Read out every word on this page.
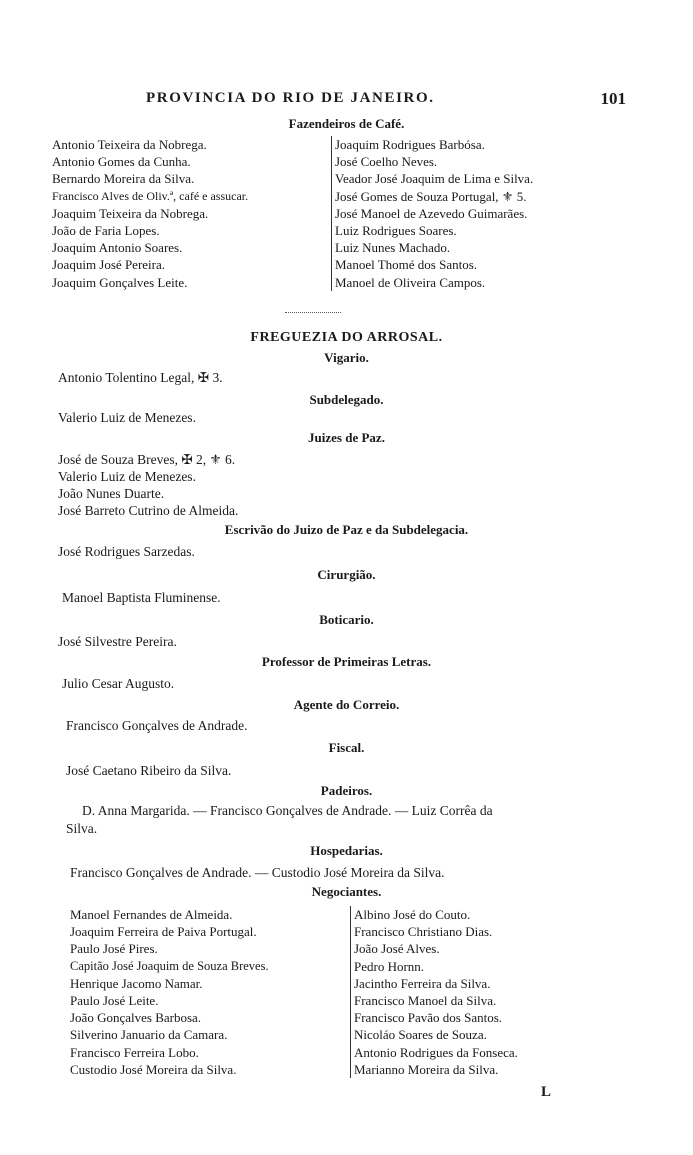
PROVINCIA DO RIO DE JANEIRO.	101
Fazendeiros de Café.
Antonio Teixeira da Nobrega.
Antonio Gomes da Cunha.
Bernardo Moreira da Silva.
Francisco Alves de Oliv.ª, café e assucar.
Joaquim Teixeira da Nobrega.
João de Faria Lopes.
Joaquim Antonio Soares.
Joaquim José Pereira.
Joaquim Gonçalves Leite.
Joaquim Rodrigues Barbósa.
José Coelho Neves.
Veador José Joaquim de Lima e Silva.
José Gomes de Souza Portugal, ⚜ 5.
José Manoel de Azevedo Guimarães.
Luiz Rodrigues Soares.
Luiz Nunes Machado.
Manoel Thomé dos Santos.
Manoel de Oliveira Campos.
FREGUEZIA DO ARROSAL.
Vigario.
Antonio Tolentino Legal, ✠ 3.
Subdelegado.
Valerio Luiz de Menezes.
Juizes de Paz.
José de Souza Breves, ✠ 2, ⚜ 6.
Valerio Luiz de Menezes.
João Nunes Duarte.
José Barreto Cutrino de Almeida.
Escrivão do Juizo de Paz e da Subdelegacia.
José Rodrigues Sarzedas.
Cirurgião.
Manoel Baptista Fluminense.
Boticario.
José Silvestre Pereira.
Professor de Primeiras Letras.
Julio Cesar Augusto.
Agente do Correio.
Francisco Gonçalves de Andrade.
Fiscal.
José Caetano Ribeiro da Silva.
Padeiros.
D. Anna Margarida. — Francisco Gonçalves de Andrade. — Luiz Corrêa da
Silva.
Hospedarias.
Francisco Gonçalves de Andrade. — Custodio José Moreira da Silva.
Negociantes.
Manoel Fernandes de Almeida.
Joaquim Ferreira de Paiva Portugal.
Paulo José Pires.
Capitão José Joaquim de Souza Breves.
Henrique Jacomo Namar.
Paulo José Leite.
João Gonçalves Barbosa.
Silverino Januario da Camara.
Francisco Ferreira Lobo.
Custodio José Moreira da Silva.
Albino José do Couto.
Francisco Christiano Dias.
João José Alves.
Pedro Hornn.
Jacintho Ferreira da Silva.
Francisco Manoel da Silva.
Francisco Pavão dos Santos.
Nicoláo Soares de Souza.
Antonio Rodrigues da Fonseca.
Marianno Moreira da Silva.
L
